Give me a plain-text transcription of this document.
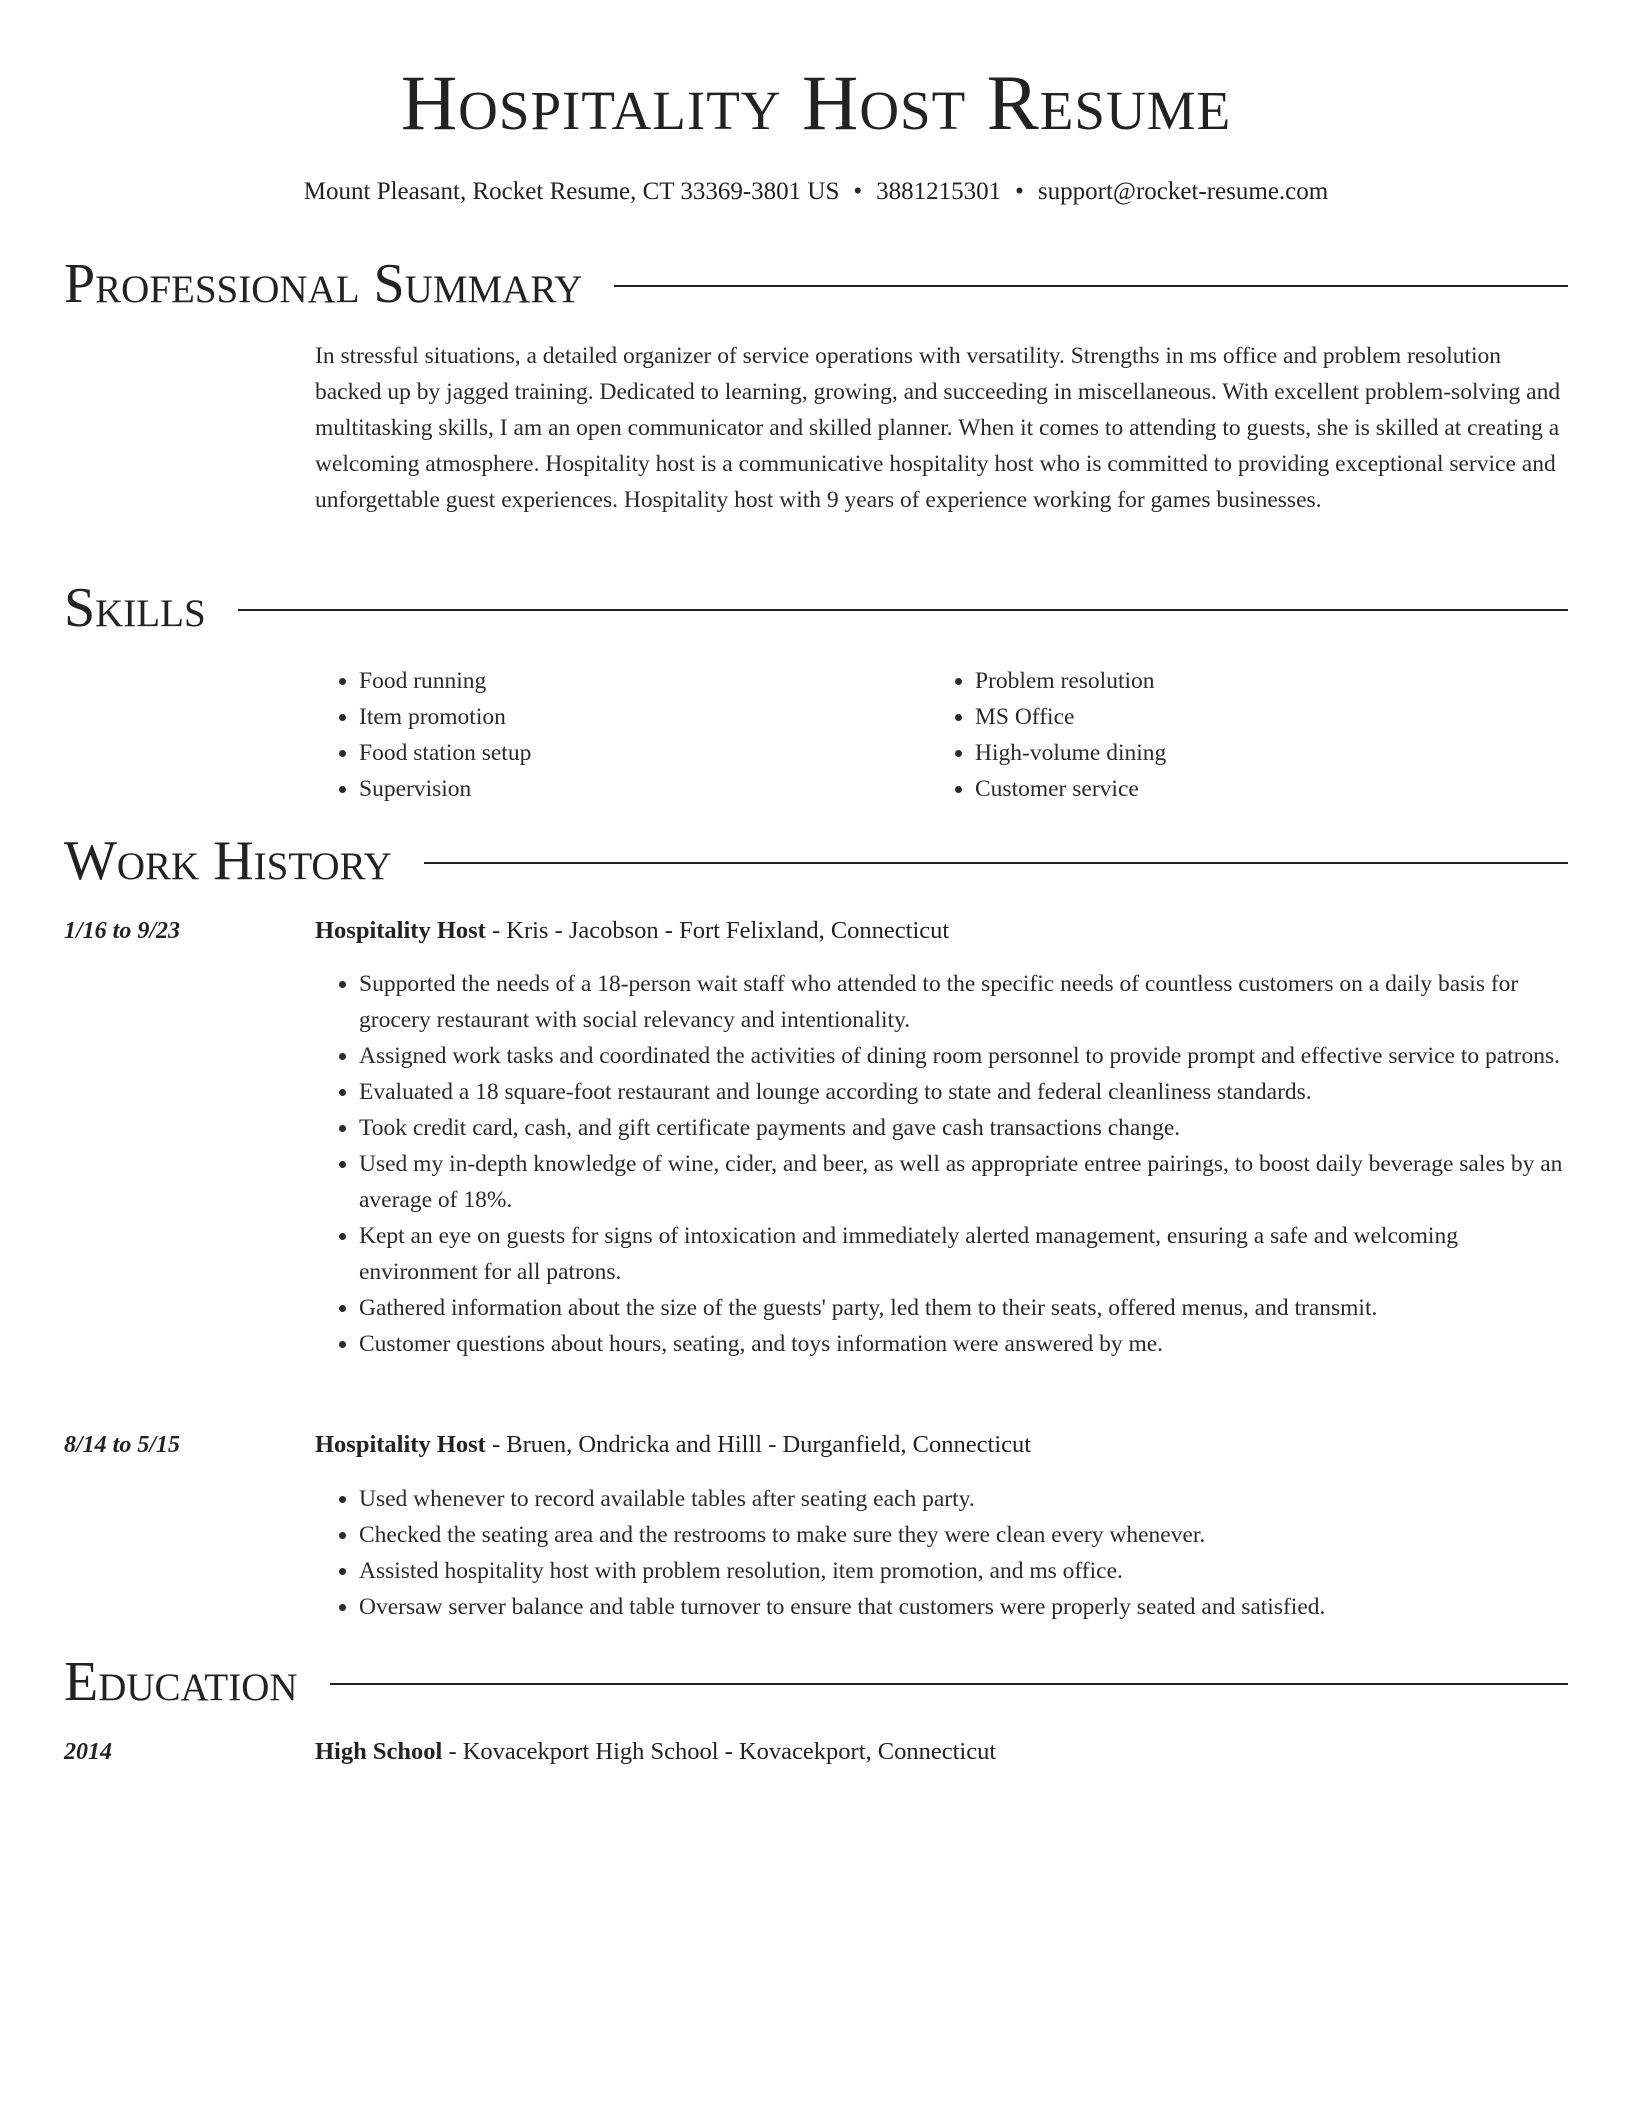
Hospitality Host Resume
Mount Pleasant, Rocket Resume, CT 33369-3801 US • 3881215301 • support@rocket-resume.com
Professional Summary
In stressful situations, a detailed organizer of service operations with versatility. Strengths in ms office and problem resolution backed up by jagged training. Dedicated to learning, growing, and succeeding in miscellaneous. With excellent problem-solving and multitasking skills, I am an open communicator and skilled planner. When it comes to attending to guests, she is skilled at creating a welcoming atmosphere. Hospitality host is a communicative hospitality host who is committed to providing exceptional service and unforgettable guest experiences. Hospitality host with 9 years of experience working for games businesses.
Skills
• Food running
• Item promotion
• Food station setup
• Supervision
• Problem resolution
• MS Office
• High-volume dining
• Customer service
Work History
1/16 to 9/23	Hospitality Host - Kris - Jacobson - Fort Felixland, Connecticut
• Supported the needs of a 18-person wait staff who attended to the specific needs of countless customers on a daily basis for grocery restaurant with social relevancy and intentionality.
• Assigned work tasks and coordinated the activities of dining room personnel to provide prompt and effective service to patrons.
• Evaluated a 18 square-foot restaurant and lounge according to state and federal cleanliness standards.
• Took credit card, cash, and gift certificate payments and gave cash transactions change.
• Used my in-depth knowledge of wine, cider, and beer, as well as appropriate entree pairings, to boost daily beverage sales by an average of 18%.
• Kept an eye on guests for signs of intoxication and immediately alerted management, ensuring a safe and welcoming environment for all patrons.
• Gathered information about the size of the guests' party, led them to their seats, offered menus, and transmit.
• Customer questions about hours, seating, and toys information were answered by me.
8/14 to 5/15	Hospitality Host - Bruen, Ondricka and Hilll - Durganfield, Connecticut
• Used whenever to record available tables after seating each party.
• Checked the seating area and the restrooms to make sure they were clean every whenever.
• Assisted hospitality host with problem resolution, item promotion, and ms office.
• Oversaw server balance and table turnover to ensure that customers were properly seated and satisfied.
Education
2014	High School - Kovacekport High School - Kovacekport, Connecticut
